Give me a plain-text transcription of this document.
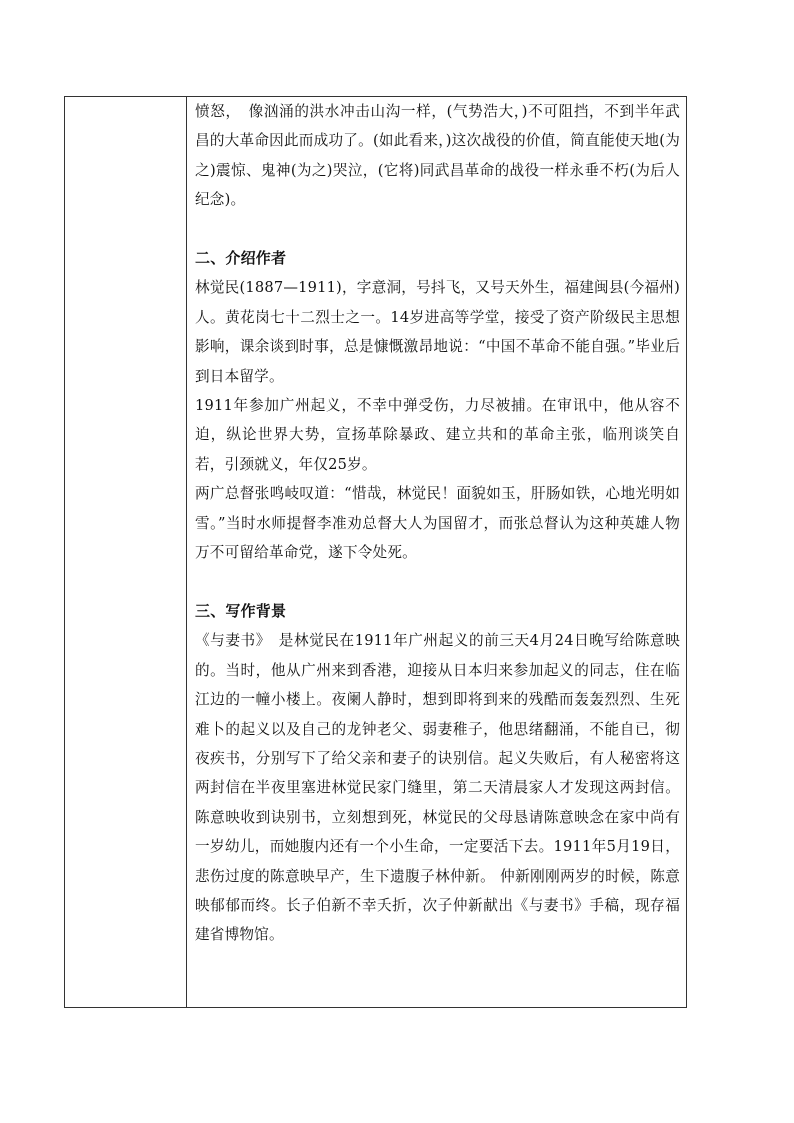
愤怒，　像汹涌的洪水冲击山沟一样，(气势浩大，)不可阻挡，不到半年武昌的大革命因此而成功了。(如此看来，)这次战役的价值，简直能使天地(为之)震惊、鬼神(为之)哭泣，(它将)同武昌革命的战役一样永垂不朽(为后人纪念)。

二、介绍作者

林觉民(1887—1911)，字意洞，号抖飞，又号天外生，福建闽县(今福州)人。黄花岗七十二烈士之一。14岁进高等学堂，接受了资产阶级民主思想影响，课余谈到时事，总是慷慨激昂地说：“中国不革命不能自强。”毕业后到日本留学。

1911年参加广州起义，不幸中弹受伤，力尽被捕。在审讯中，他从容不迫，纵论世界大势，宣扬革除暴政、建立共和的革命主张，临刑谈笑自若，引颈就义，年仅25岁。

两广总督张鸣岐叹道：“惜哉，林觉民！面貌如玉，肝肠如铁，心地光明如雪。”当时水师提督李准劝总督大人为国留才，而张总督认为这种英雄人物万不可留给革命党，遂下令处死。

三、写作背景

《与妻书》　是林觉民在1911年广州起义的前三天4月24日晚写给陈意映的。当时，他从广州来到香港，迎接从日本归来参加起义的同志，住在临江边的一幢小楼上。夜阑人静时，想到即将到来的残酷而轰轰烈烈、生死难卜的起义以及自己的龙钟老父、弱妻稚子，他思绪翻涌，不能自已，彻夜疾书，分别写下了给父亲和妻子的诀别信。起义失败后，有人秘密将这两封信在半夜里塞进林觉民家门缝里，第二天清晨家人才发现这两封信。陈意映收到诀别书，立刻想到死，林觉民的父母恳请陈意映念在家中尚有一岁幼儿，而她腹内还有一个小生命，一定要活下去。1911年5月19日，悲伤过度的陈意映早产，生下遗腹子林仲新。 仲新刚刚两岁的时候，陈意映郁郁而终。长子伯新不幸夭折，次子仲新献出《与妻书》手稿，现存福建省博物馆。
